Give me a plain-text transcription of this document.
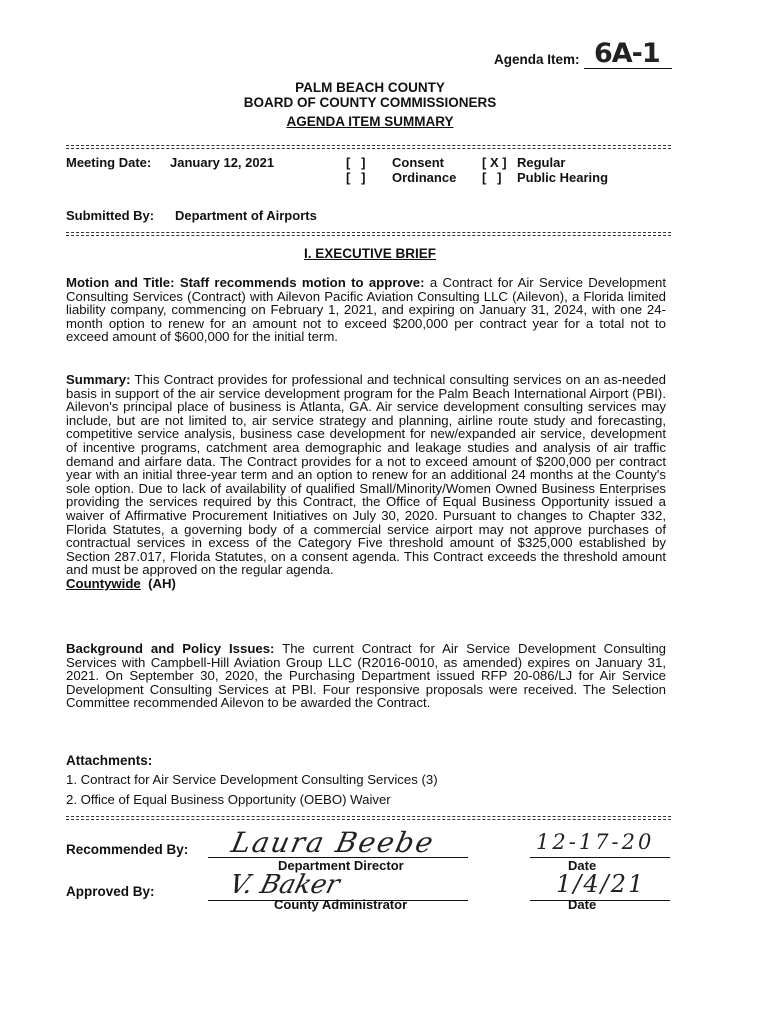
Agenda Item: 6A-1
PALM BEACH COUNTY
BOARD OF COUNTY COMMISSIONERS
AGENDA ITEM SUMMARY
Meeting Date: January 12, 2021	[   ] Consent
[   ] Ordinance
[ X ] Regular
[   ] Public Hearing
Submitted By: Department of Airports
I. EXECUTIVE BRIEF
Motion and Title: Staff recommends motion to approve: a Contract for Air Service Development Consulting Services (Contract) with Ailevon Pacific Aviation Consulting LLC (Ailevon), a Florida limited liability company, commencing on February 1, 2021, and expiring on January 31, 2024, with one 24-month option to renew for an amount not to exceed $200,000 per contract year for a total not to exceed amount of $600,000 for the initial term.
Summary: This Contract provides for professional and technical consulting services on an as-needed basis in support of the air service development program for the Palm Beach International Airport (PBI). Ailevon's principal place of business is Atlanta, GA. Air service development consulting services may include, but are not limited to, air service strategy and planning, airline route study and forecasting, competitive service analysis, business case development for new/expanded air service, development of incentive programs, catchment area demographic and leakage studies and analysis of air traffic demand and airfare data. The Contract provides for a not to exceed amount of $200,000 per contract year with an initial three-year term and an option to renew for an additional 24 months at the County's sole option. Due to lack of availability of qualified Small/Minority/Women Owned Business Enterprises providing the services required by this Contract, the Office of Equal Business Opportunity issued a waiver of Affirmative Procurement Initiatives on July 30, 2020. Pursuant to changes to Chapter 332, Florida Statutes, a governing body of a commercial service airport may not approve purchases of contractual services in excess of the Category Five threshold amount of $325,000 established by Section 287.017, Florida Statutes, on a consent agenda. This Contract exceeds the threshold amount and must be approved on the regular agenda.
Countywide (AH)
Background and Policy Issues: The current Contract for Air Service Development Consulting Services with Campbell-Hill Aviation Group LLC (R2016-0010, as amended) expires on January 31, 2021. On September 30, 2020, the Purchasing Department issued RFP 20-086/LJ for Air Service Development Consulting Services at PBI. Four responsive proposals were received. The Selection Committee recommended Ailevon to be awarded the Contract.
Attachments:
1. Contract for Air Service Development Consulting Services (3)
2. Office of Equal Business Opportunity (OEBO) Waiver
Recommended By: Laura Beebe
Department Director
12-17-20
Date
Approved By:	V. Baker
County Administrator
1/4/21
Date
